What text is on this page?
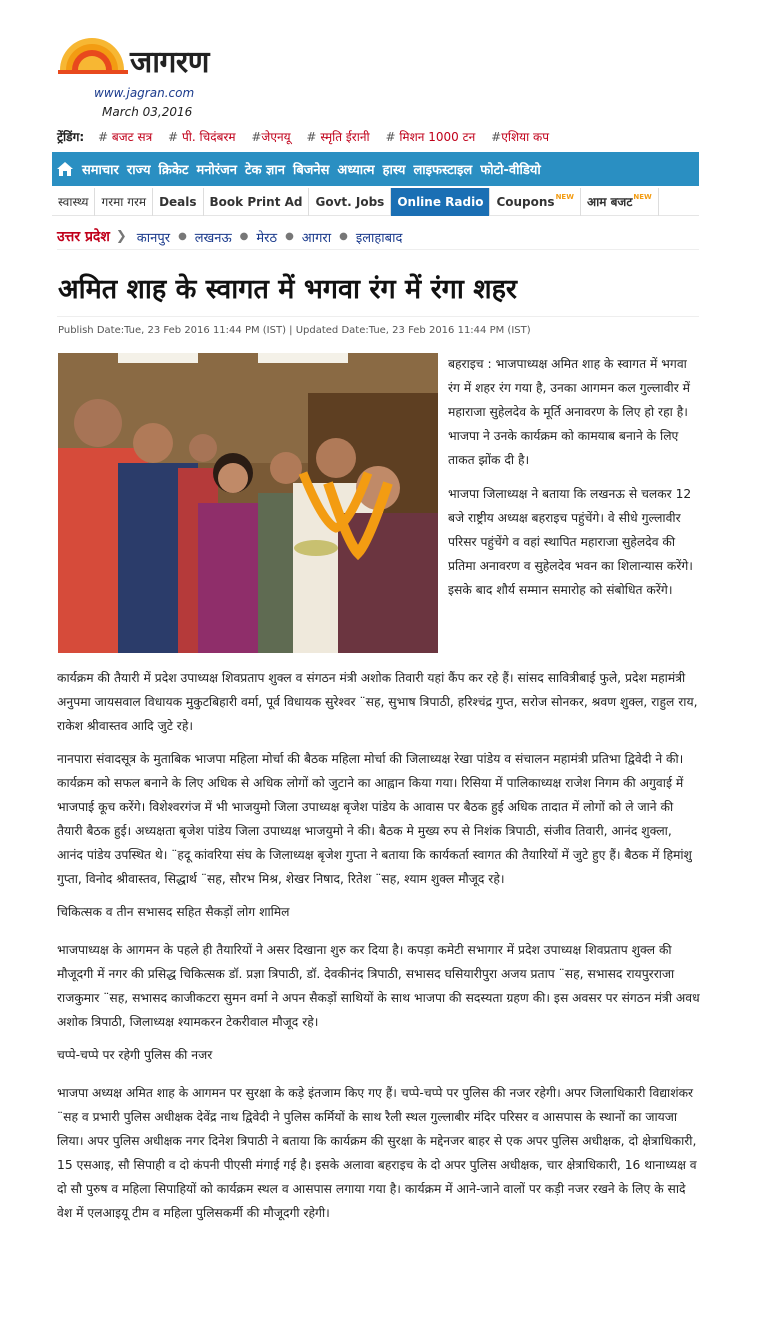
जागरण
www.jagran.com
March 03,2016
ट्रेंडिंग: # बजट सत्र # पी. चिदंबरम #जेएनयू # स्मृति ईरानी # मिशन 1000 टन #एशिया कप
समाचार राज्य क्रिकेट मनोरंजन टेक ज्ञान बिजनेस अध्यात्म हास्य लाइफस्टाइल फोटो-वीडियो
स्वास्थ्य	गरमा गरम	Deals	Book Print Ad	Govt. Jobs	Online Radio	Coupons NEW आम बजट NEW
उत्तर प्रदेश ❯ कानपुर ● लखनऊ ● मेरठ ● आगरा ● इलाहाबाद
अमित शाह के स्वागत में भगवा रंग में रंगा शहर
Publish Date:Tue, 23 Feb 2016 11:44 PM (IST) | Updated Date:Tue, 23 Feb 2016 11:44 PM (IST)

बहराइच : भाजपाध्यक्ष अमित शाह के स्वागत में भगवा रंग में शहर रंग गया है, उनका आगमन कल गुल्लावीर में महाराजा सुहेलदेव के मूर्ति अनावरण के लिए हो रहा है। भाजपा ने उनके कार्यक्रम को कामयाब बनाने के लिए ताकत झोंक दी है।

भाजपा जिलाध्यक्ष ने बताया कि लखनऊ से चलकर 12 बजे राष्ट्रीय अध्यक्ष बहराइच पहुंचेंगे। वे सीधे गुल्लावीर परिसर पहुंचेंगे व वहां स्थापित महाराजा सुहेलदेव की प्रतिमा अनावरण व सुहेलदेव भवन का शिलान्यास करेंगे। इसके बाद शौर्य सम्मान समारोह को संबोधित करेंगे।

कार्यक्रम की तैयारी में प्रदेश उपाध्यक्ष शिवप्रताप शुक्ल व संगठन मंत्री अशोक तिवारी यहां कैंप कर रहे हैं। सांसद सावित्रीबाई फुले, प्रदेश महामंत्री अनुपमा जायसवाल विधायक मुकुटबिहारी वर्मा, पूर्व विधायक सुरेश्वर ¨सह, सुभाष त्रिपाठी, हरिश्चंद्र गुप्त, सरोज सोनकर, श्रवण शुक्ल, राहुल राय, राकेश श्रीवास्तव आदि जुटे रहे।

नानपारा संवादसूत्र के मुताबिक भाजपा महिला मोर्चा की बैठक महिला मोर्चा की जिलाध्यक्ष रेखा पांडेय व संचालन महामंत्री प्रतिभा द्विवेदी ने की। कार्यक्रम को सफल बनाने के लिए अधिक से अधिक लोगों को जुटाने का आह्वान किया गया। रिसिया में पालिकाध्यक्ष राजेश निगम की अगुवाई में भाजपाई कूच करेंगे। विशेश्वरगंज में भी भाजयुमो जिला उपाध्यक्ष बृजेश पांडेय के आवास पर बैठक हुई अधिक तादात में लोगों को ले जाने की तैयारी बैठक हुई। अध्यक्षता बृजेश पांडेय जिला उपाध्यक्ष भाजयुमो ने की। बैठक मे मुख्य रुप से निशंक त्रिपाठी, संजीव तिवारी, आनंद शुक्ला, आनंद पांडेय उपस्थित थे। ¨हदू कांवरिया संघ के जिलाध्यक्ष बृजेश गुप्ता ने बताया कि कार्यकर्ता स्वागत की तैयारियों में जुटे हुए हैं। बैठक में हिमांशु गुप्ता, विनोद श्रीवास्तव, सिद्धार्थ ¨सह, सौरभ मिश्र, शेखर निषाद, रितेश ¨सह, श्याम शुक्ल मौजूद रहे।

चिकित्सक व तीन सभासद सहित सैकड़ों लोग शामिल

भाजपाध्यक्ष के आगमन के पहले ही तैयारियों ने असर दिखाना शुरु कर दिया है। कपड़ा कमेटी सभागार में प्रदेश उपाध्यक्ष शिवप्रताप शुक्ल की मौजूदगी में नगर की प्रसिद्ध चिकित्सक डॉ. प्रज्ञा त्रिपाठी, डॉ. देवकीनंद त्रिपाठी, सभासद घसियारीपुरा अजय प्रताप ¨सह, सभासद रायपुरराजा राजकुमार ¨सह, सभासद काजीकटरा सुमन वर्मा ने अपन सैकड़ों साथियों के साथ भाजपा की सदस्यता ग्रहण की। इस अवसर पर संगठन मंत्री अवध अशोक त्रिपाठी, जिलाध्यक्ष श्यामकरन टेकरीवाल मौजूद रहे।

चप्पे-चप्पे पर रहेगी पुलिस की नजर

भाजपा अध्यक्ष अमित शाह के आगमन पर सुरक्षा के कड़े इंतजाम किए गए हैं। चप्पे-चप्पे पर पुलिस की नजर रहेगी। अपर जिलाधिकारी विद्याशंकर ¨सह व प्रभारी पुलिस अधीक्षक देवेंद्र नाथ द्विवेदी ने पुलिस कर्मियों के साथ रैली स्थल गुल्लाबीर मंदिर परिसर व आसपास के स्थानों का जायजा लिया। अपर पुलिस अधीक्षक नगर दिनेश त्रिपाठी ने बताया कि कार्यक्रम की सुरक्षा के मद्देनजर बाहर से एक अपर पुलिस अधीक्षक, दो क्षेत्राधिकारी, 15 एसआइ, सौ सिपाही व दो कंपनी पीएसी मंगाई गई है। इसके अलावा बहराइच के दो अपर पुलिस अधीक्षक, चार क्षेत्राधिकारी, 16 थानाध्यक्ष व दो सौ पुरुष व महिला सिपाहियों को कार्यक्रम स्थल व आसपास लगाया गया है। कार्यक्रम में आने-जाने वालों पर कड़ी नजर रखने के लिए के सादे वेश में एलआइयू टीम व महिला पुलिसकर्मी की मौजूदगी रहेगी।
